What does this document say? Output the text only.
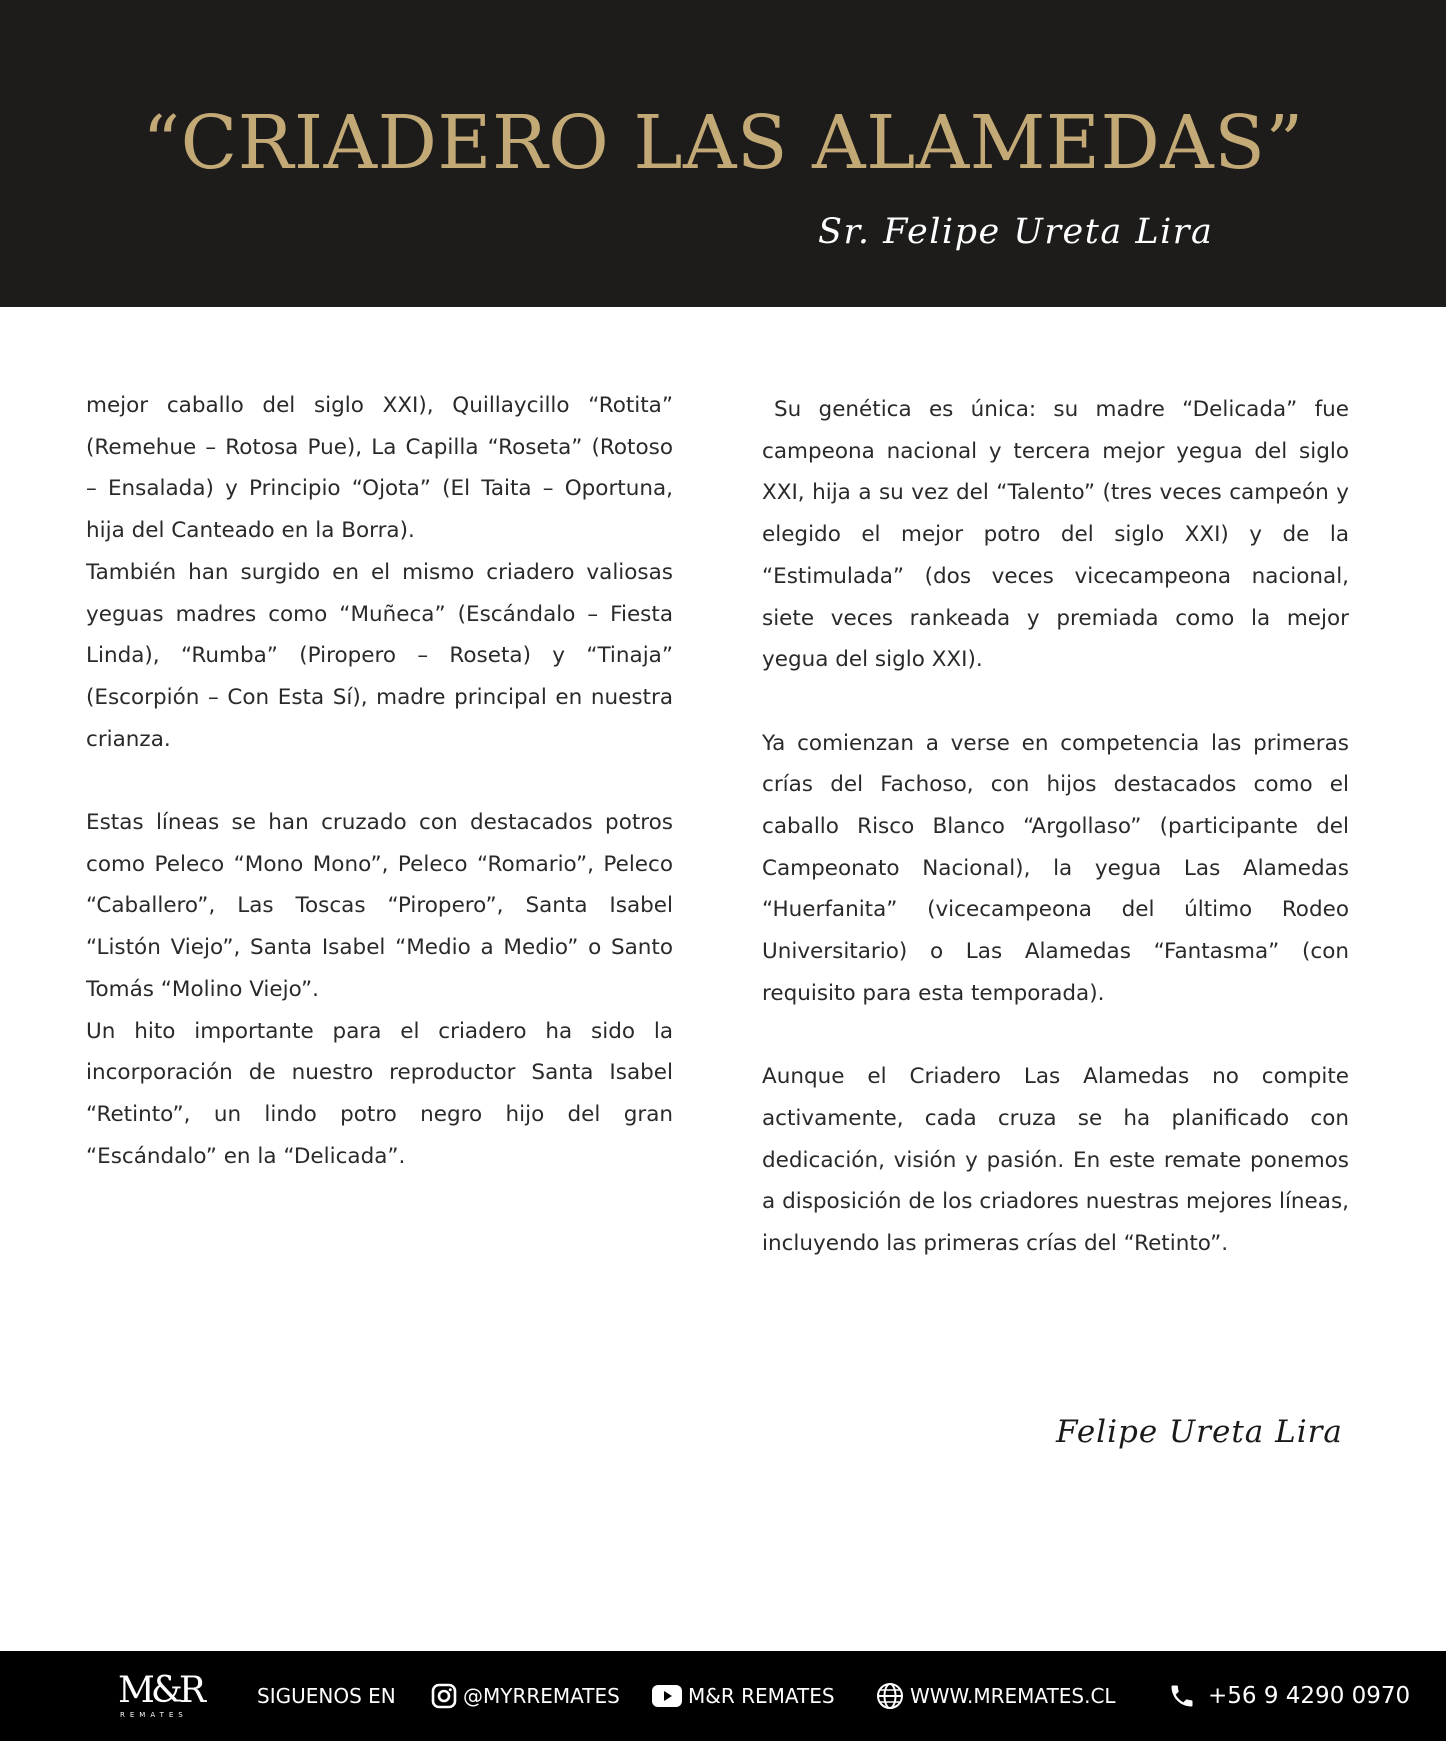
“CRIADERO LAS ALAMEDAS”
Sr. Felipe Ureta Lira

mejor caballo del siglo XXI), Quillaycillo “Rotita” (Remehue – Rotosa Pue), La Capilla “Roseta” (Rotoso – Ensalada) y Principio “Ojota” (El Taita – Oportuna, hija del Canteado en la Borra).

También han surgido en el mismo criadero valiosas yeguas madres como “Muñeca” (Escándalo – Fiesta Linda), “Rumba” (Piropero – Roseta) y “Tinaja” (Escorpión – Con Esta Sí), madre principal en nuestra crianza.

Estas líneas se han cruzado con destacados potros como Peleco “Mono Mono”, Peleco “Romario”, Peleco “Caballero”, Las Toscas “Piropero”, Santa Isabel “Listón Viejo”, Santa Isabel “Medio a Medio” o Santo Tomás “Molino Viejo”.

Un hito importante para el criadero ha sido la incorporación de nuestro reproductor Santa Isabel “Retinto”, un lindo potro negro hijo del gran “Escándalo” en la “Delicada”.

Su genética es única: su madre “Delicada” fue campeona nacional y tercera mejor yegua del siglo XXI, hija a su vez del “Talento” (tres veces campeón y elegido el mejor potro del siglo XXI) y de la “Estimulada” (dos veces vicecampeona nacional, siete veces rankeada y premiada como la mejor yegua del siglo XXI).

Ya comienzan a verse en competencia las primeras crías del Fachoso, con hijos destacados como el caballo Risco Blanco “Argollaso” (participante del Campeonato Nacional), la yegua Las Alamedas “Huerfanita” (vicecampeona del último Rodeo Universitario) o Las Alamedas “Fantasma” (con requisito para esta temporada).

Aunque el Criadero Las Alamedas no compite activamente, cada cruza se ha planificado con dedicación, visión y pasión. En este remate ponemos a disposición de los criadores nuestras mejores líneas, incluyendo las primeras crías del “Retinto”.

Felipe Ureta Lira
M&R
REMATES
SIGUENOS EN	@MYRREMATES	M&R REMATES	WWW.MREMATES.CL	+56 9 4290 0970
